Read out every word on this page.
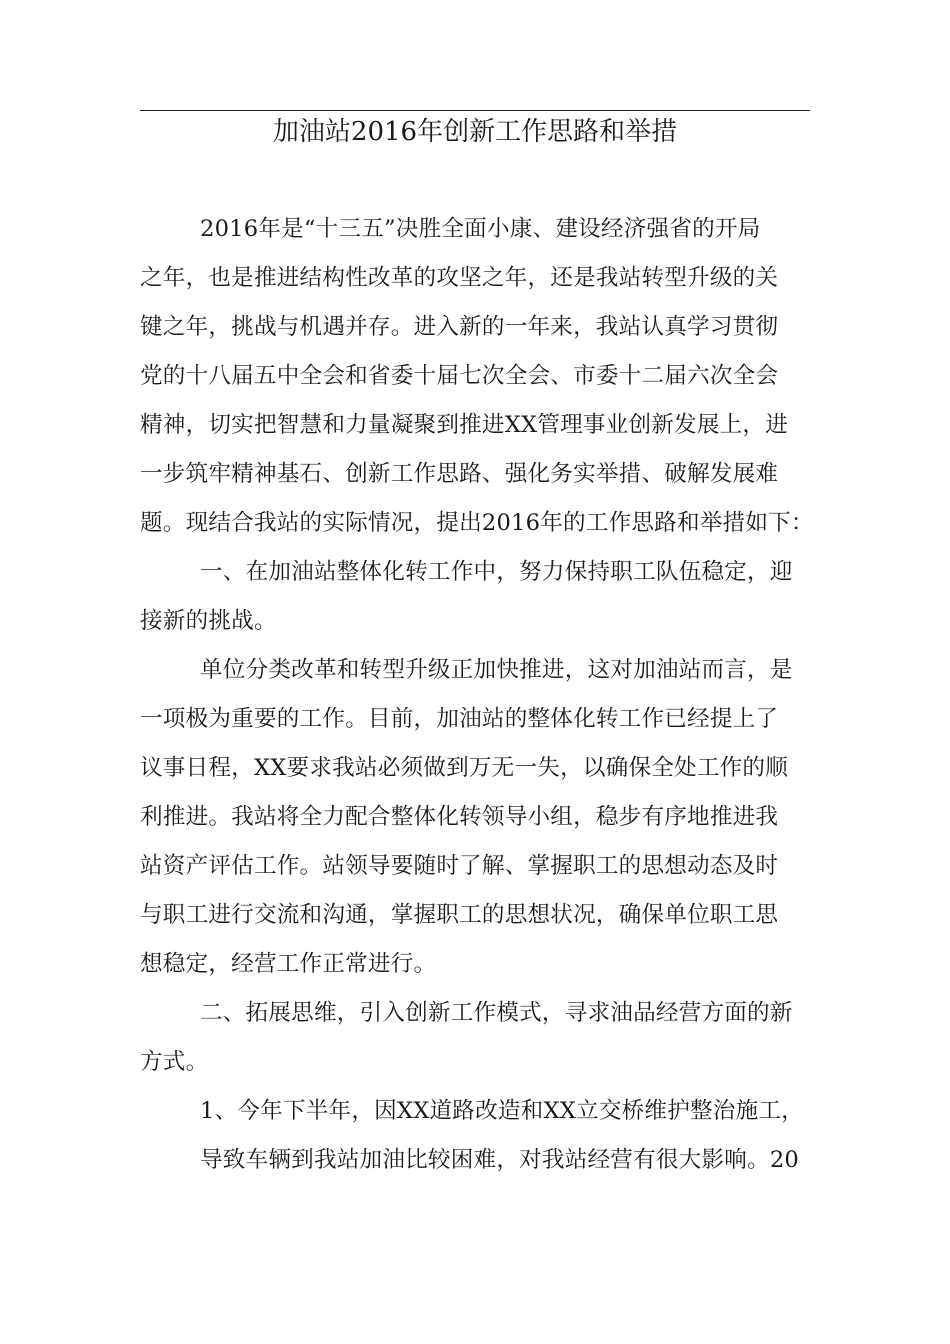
加油站2016年创新工作思路和举措
2016年是“十三五”决胜全面小康、建设经济强省的开局
之年，也是推进结构性改革的攻坚之年，还是我站转型升级的关
键之年，挑战与机遇并存。进入新的一年来，我站认真学习贯彻
党的十八届五中全会和省委十届七次全会、市委十二届六次全会
精神，切实把智慧和力量凝聚到推进XX管理事业创新发展上，进
一步筑牢精神基石、创新工作思路、强化务实举措、破解发展难
题。现结合我站的实际情况，提出2016年的工作思路和举措如下：
一、在加油站整体化转工作中，努力保持职工队伍稳定，迎
接新的挑战。
单位分类改革和转型升级正加快推进，这对加油站而言，是
一项极为重要的工作。目前，加油站的整体化转工作已经提上了
议事日程，XX要求我站必须做到万无一失，以确保全处工作的顺
利推进。我站将全力配合整体化转领导小组，稳步有序地推进我
站资产评估工作。站领导要随时了解、掌握职工的思想动态及时
与职工进行交流和沟通，掌握职工的思想状况，确保单位职工思
想稳定，经营工作正常进行。
二、拓展思维，引入创新工作模式，寻求油品经营方面的新
方式。
1、今年下半年，因XX道路改造和XX立交桥维护整治施工，
导致车辆到我站加油比较困难，对我站经营有很大影响。20
